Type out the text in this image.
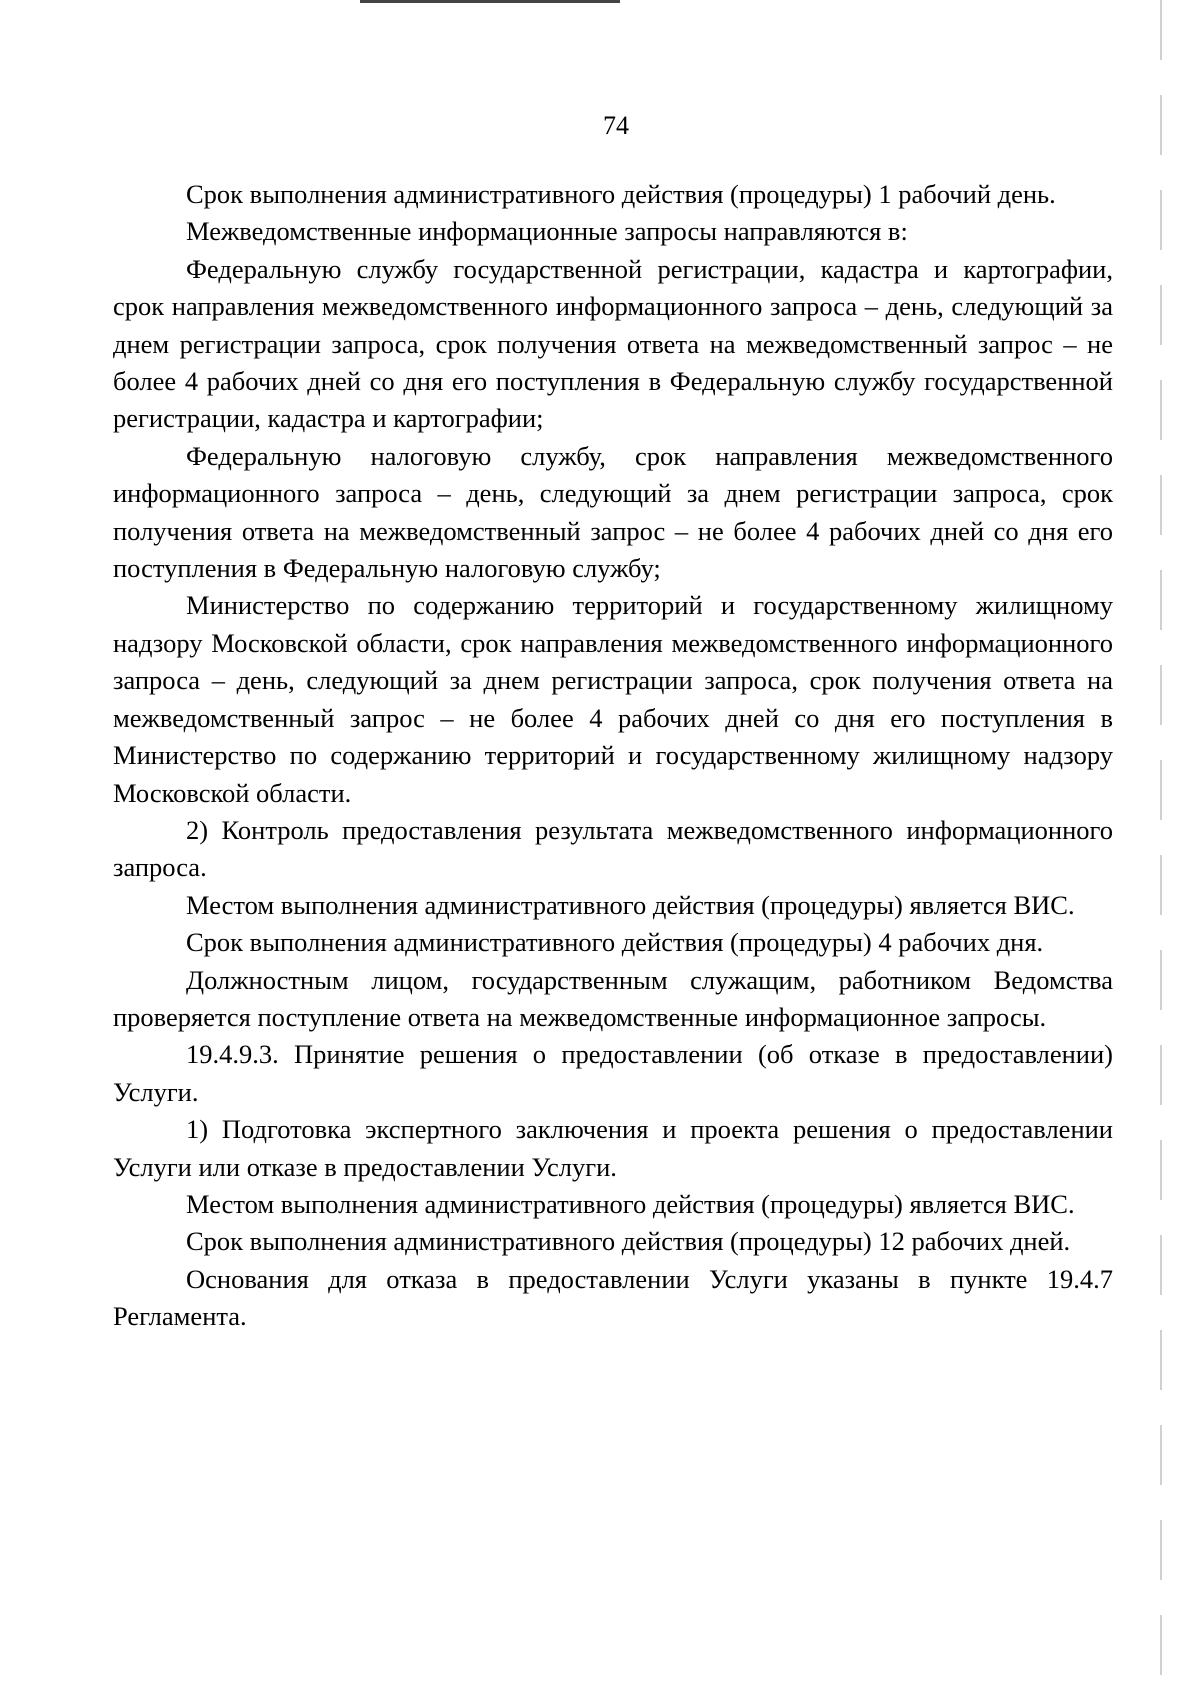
74

Срок выполнения административного действия (процедуры) 1 рабочий день.

Межведомственные информационные запросы направляются в:

Федеральную службу государственной регистрации, кадастра и картографии, срок направления межведомственного информационного запроса – день, следующий за днем регистрации запроса, срок получения ответа на межведомственный запрос – не более 4 рабочих дней со дня его поступления в Федеральную службу государственной регистрации, кадастра и картографии;

Федеральную налоговую службу, срок направления межведомственного информационного запроса – день, следующий за днем регистрации запроса, срок получения ответа на межведомственный запрос – не более 4 рабочих дней со дня его поступления в Федеральную налоговую службу;

Министерство по содержанию территорий и государственному жилищному надзору Московской области, срок направления межведомственного информационного запроса – день, следующий за днем регистрации запроса, срок получения ответа на межведомственный запрос – не более 4 рабочих дней со дня его поступления в Министерство по содержанию территорий и государственному жилищному надзору Московской области.

2) Контроль предоставления результата межведомственного информационного запроса.

Местом выполнения административного действия (процедуры) является ВИС.

Срок выполнения административного действия (процедуры) 4 рабочих дня.

Должностным лицом, государственным служащим, работником Ведомства проверяется поступление ответа на межведомственные информационное запросы.

19.4.9.3. Принятие решения о предоставлении (об отказе в предоставлении) Услуги.

1) Подготовка экспертного заключения и проекта решения о предоставлении Услуги или отказе в предоставлении Услуги.

Местом выполнения административного действия (процедуры) является ВИС.

Срок выполнения административного действия (процедуры) 12 рабочих дней.

Основания для отказа в предоставлении Услуги указаны в пункте 19.4.7 Регламента.
